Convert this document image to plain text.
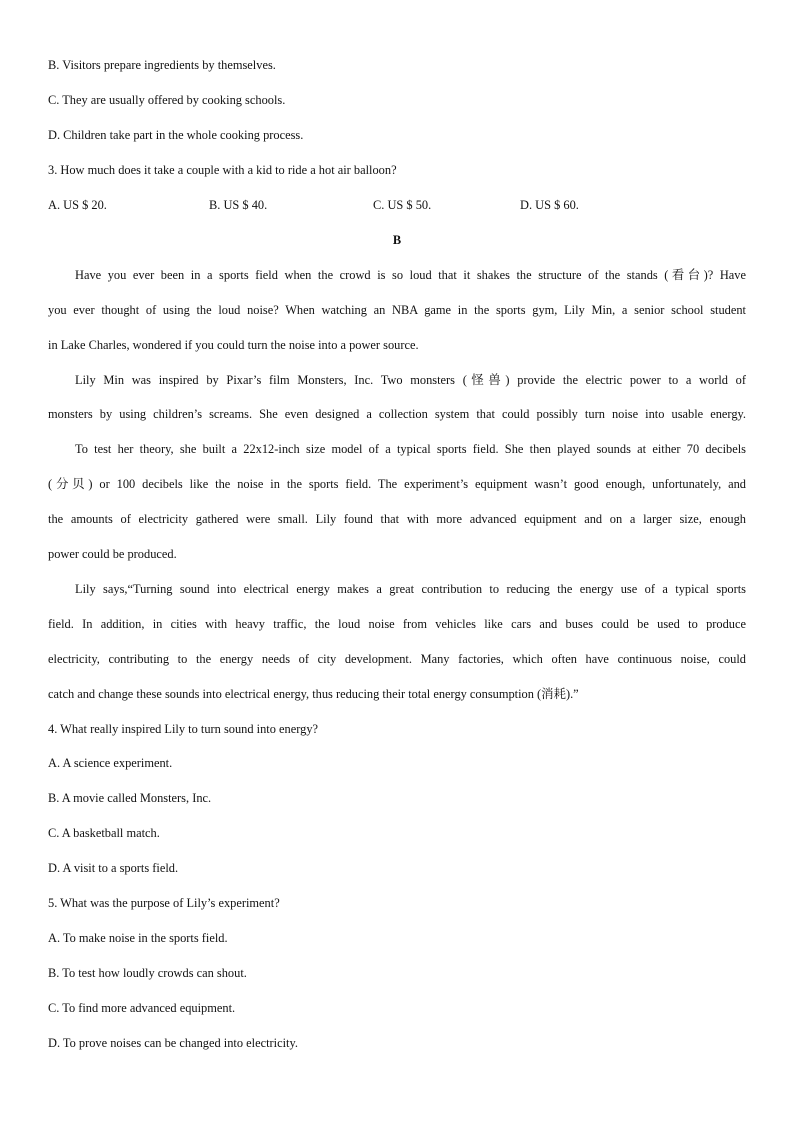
B. Visitors prepare ingredients by themselves.
C. They are usually offered by cooking schools.
D. Children take part in the whole cooking process.
3. How much does it take a couple with a kid to ride a hot air balloon?
A. US $ 20.	B. US $ 40.	C. US $ 50.	D. US $ 60.
B
Have you ever been in a sports field when the crowd is so loud that it shakes the structure of the stands (看台)? Have
you ever thought of using the loud noise? When watching an NBA game in the sports gym, Lily Min, a senior school student
in Lake Charles, wondered if you could turn the noise into a power source.
Lily Min was inspired by Pixar’s film Monsters, Inc. Two monsters (怪兽) provide the electric power to a world of
monsters by using children’s screams. She even designed a collection system that could possibly turn noise into usable energy.
To test her theory, she built a 22x12-inch size model of a typical sports field. She then played sounds at either 70 decibels
(分贝) or 100 decibels like the noise in the sports field. The experiment’s equipment wasn’t good enough, unfortunately, and
the amounts of electricity gathered were small. Lily found that with more advanced equipment and on a larger size, enough
power could be produced.
Lily says,“Turning sound into electrical energy makes a great contribution to reducing the energy use of a typical sports
field. In addition, in cities with heavy traffic, the loud noise from vehicles like cars and buses could be used to produce
electricity, contributing to the energy needs of city development. Many factories, which often have continuous noise, could
catch and change these sounds into electrical energy, thus reducing their total energy consumption (消耗).”
4. What really inspired Lily to turn sound into energy?
A. A science experiment.
B. A movie called Monsters, Inc.
C. A basketball match.
D. A visit to a sports field.
5. What was the purpose of Lily’s experiment?
A. To make noise in the sports field.
B. To test how loudly crowds can shout.
C. To find more advanced equipment.
D. To prove noises can be changed into electricity.
